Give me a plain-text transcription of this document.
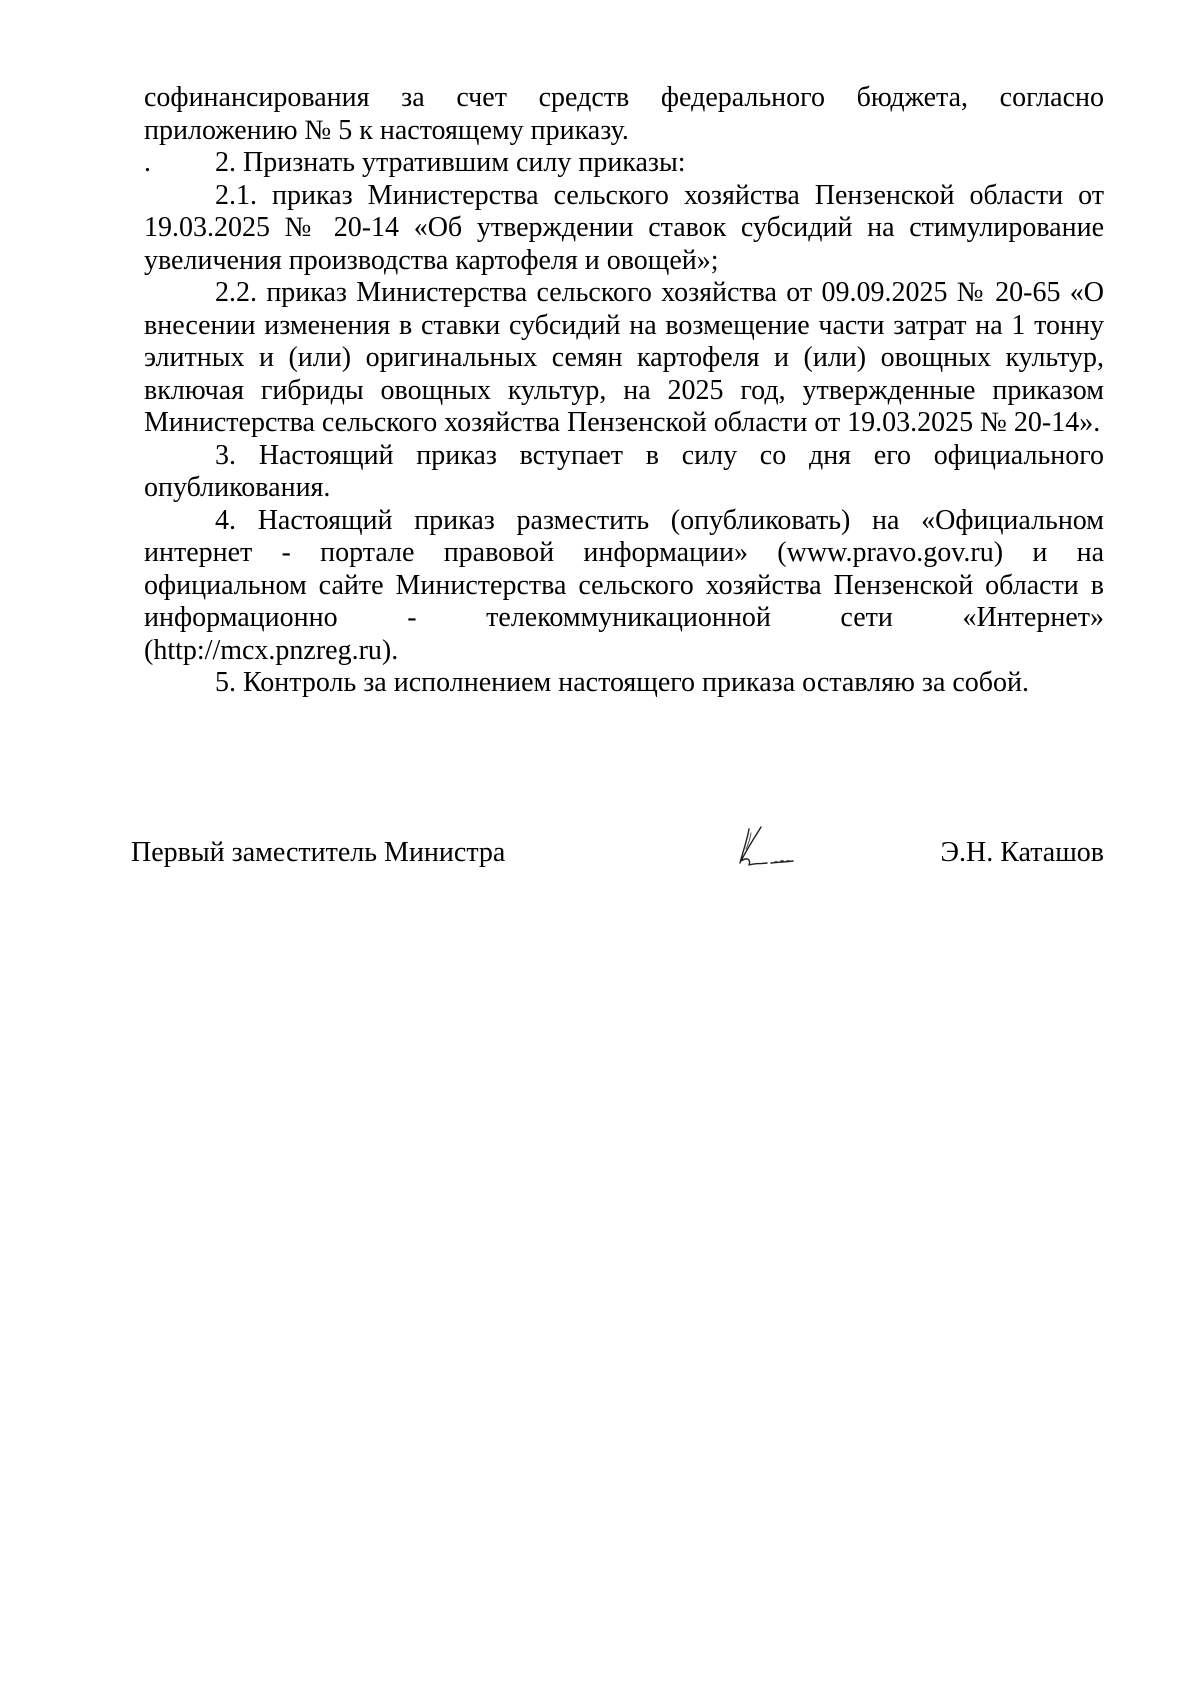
софинансирования за счет средств федерального бюджета, согласно
приложению № 5 к настоящему приказу.

. 2. Признать утратившим силу приказы:

2.1. приказ Министерства сельского хозяйства Пензенской области от 19.03.2025 № 20-14 «Об утверждении ставок субсидий на стимулирование увеличения производства картофеля и овощей»;

2.2. приказ Министерства сельского хозяйства от 09.09.2025 № 20-65 «О внесении изменения в ставки субсидий на возмещение части затрат на 1 тонну элитных и (или) оригинальных семян картофеля и (или) овощных культур, включая гибриды овощных культур, на 2025 год, утвержденные приказом Министерства сельского хозяйства Пензенской области от 19.03.2025 № 20-14».

3. Настоящий приказ вступает в силу со дня его официального опубликования.

4. Настоящий приказ разместить (опубликовать) на «Официальном интернет - портале правовой информации» (www.pravo.gov.ru) и на официальном сайте Министерства сельского хозяйства Пензенской области в информационно - телекоммуникационной сети «Интернет» (http://mcx.pnzreg.ru).

5. Контроль за исполнением настоящего приказа оставляю за собой.

Первый заместитель Министра	Э.Н. Каташов
